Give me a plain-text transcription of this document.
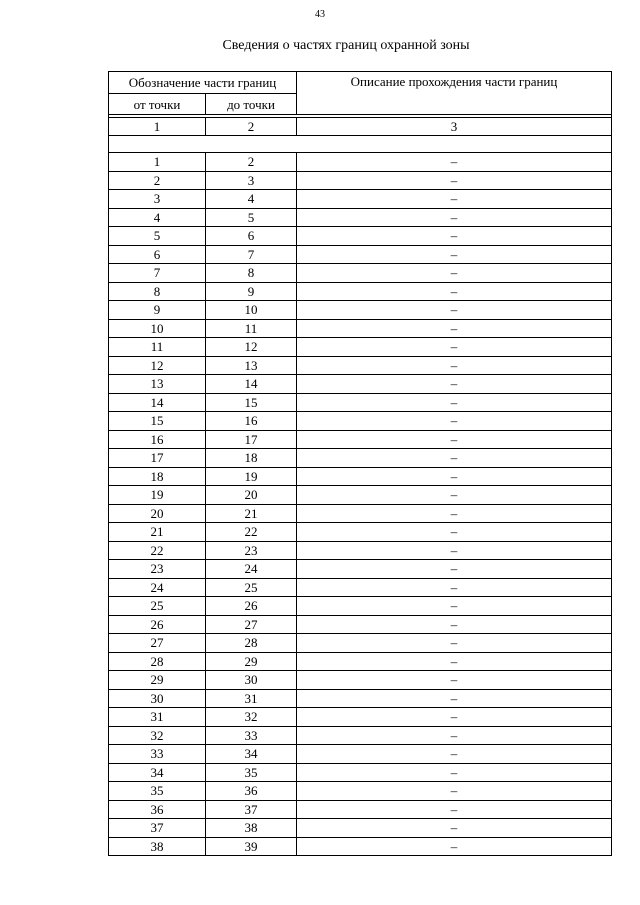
43
Сведения о частях границ охранной зоны
Обозначение части границ		Описание прохождения части границ
от точки	до точки	

1	2	3

1	2	–
2	3	–
3	4	–
4	5	–
5	6	–
6	7	–
7	8	–
8	9	–
9	10	–
10	11	–
11	12	–
12	13	–
13	14	–
14	15	–
15	16	–
16	17	–
17	18	–
18	19	–
19	20	–
20	21	–
21	22	–
22	23	–
23	24	–
24	25	–
25	26	–
26	27	–
27	28	–
28	29	–
29	30	–
30	31	–
31	32	–
32	33	–
33	34	–
34	35	–
35	36	–
36	37	–
37	38	–
38	39	–
